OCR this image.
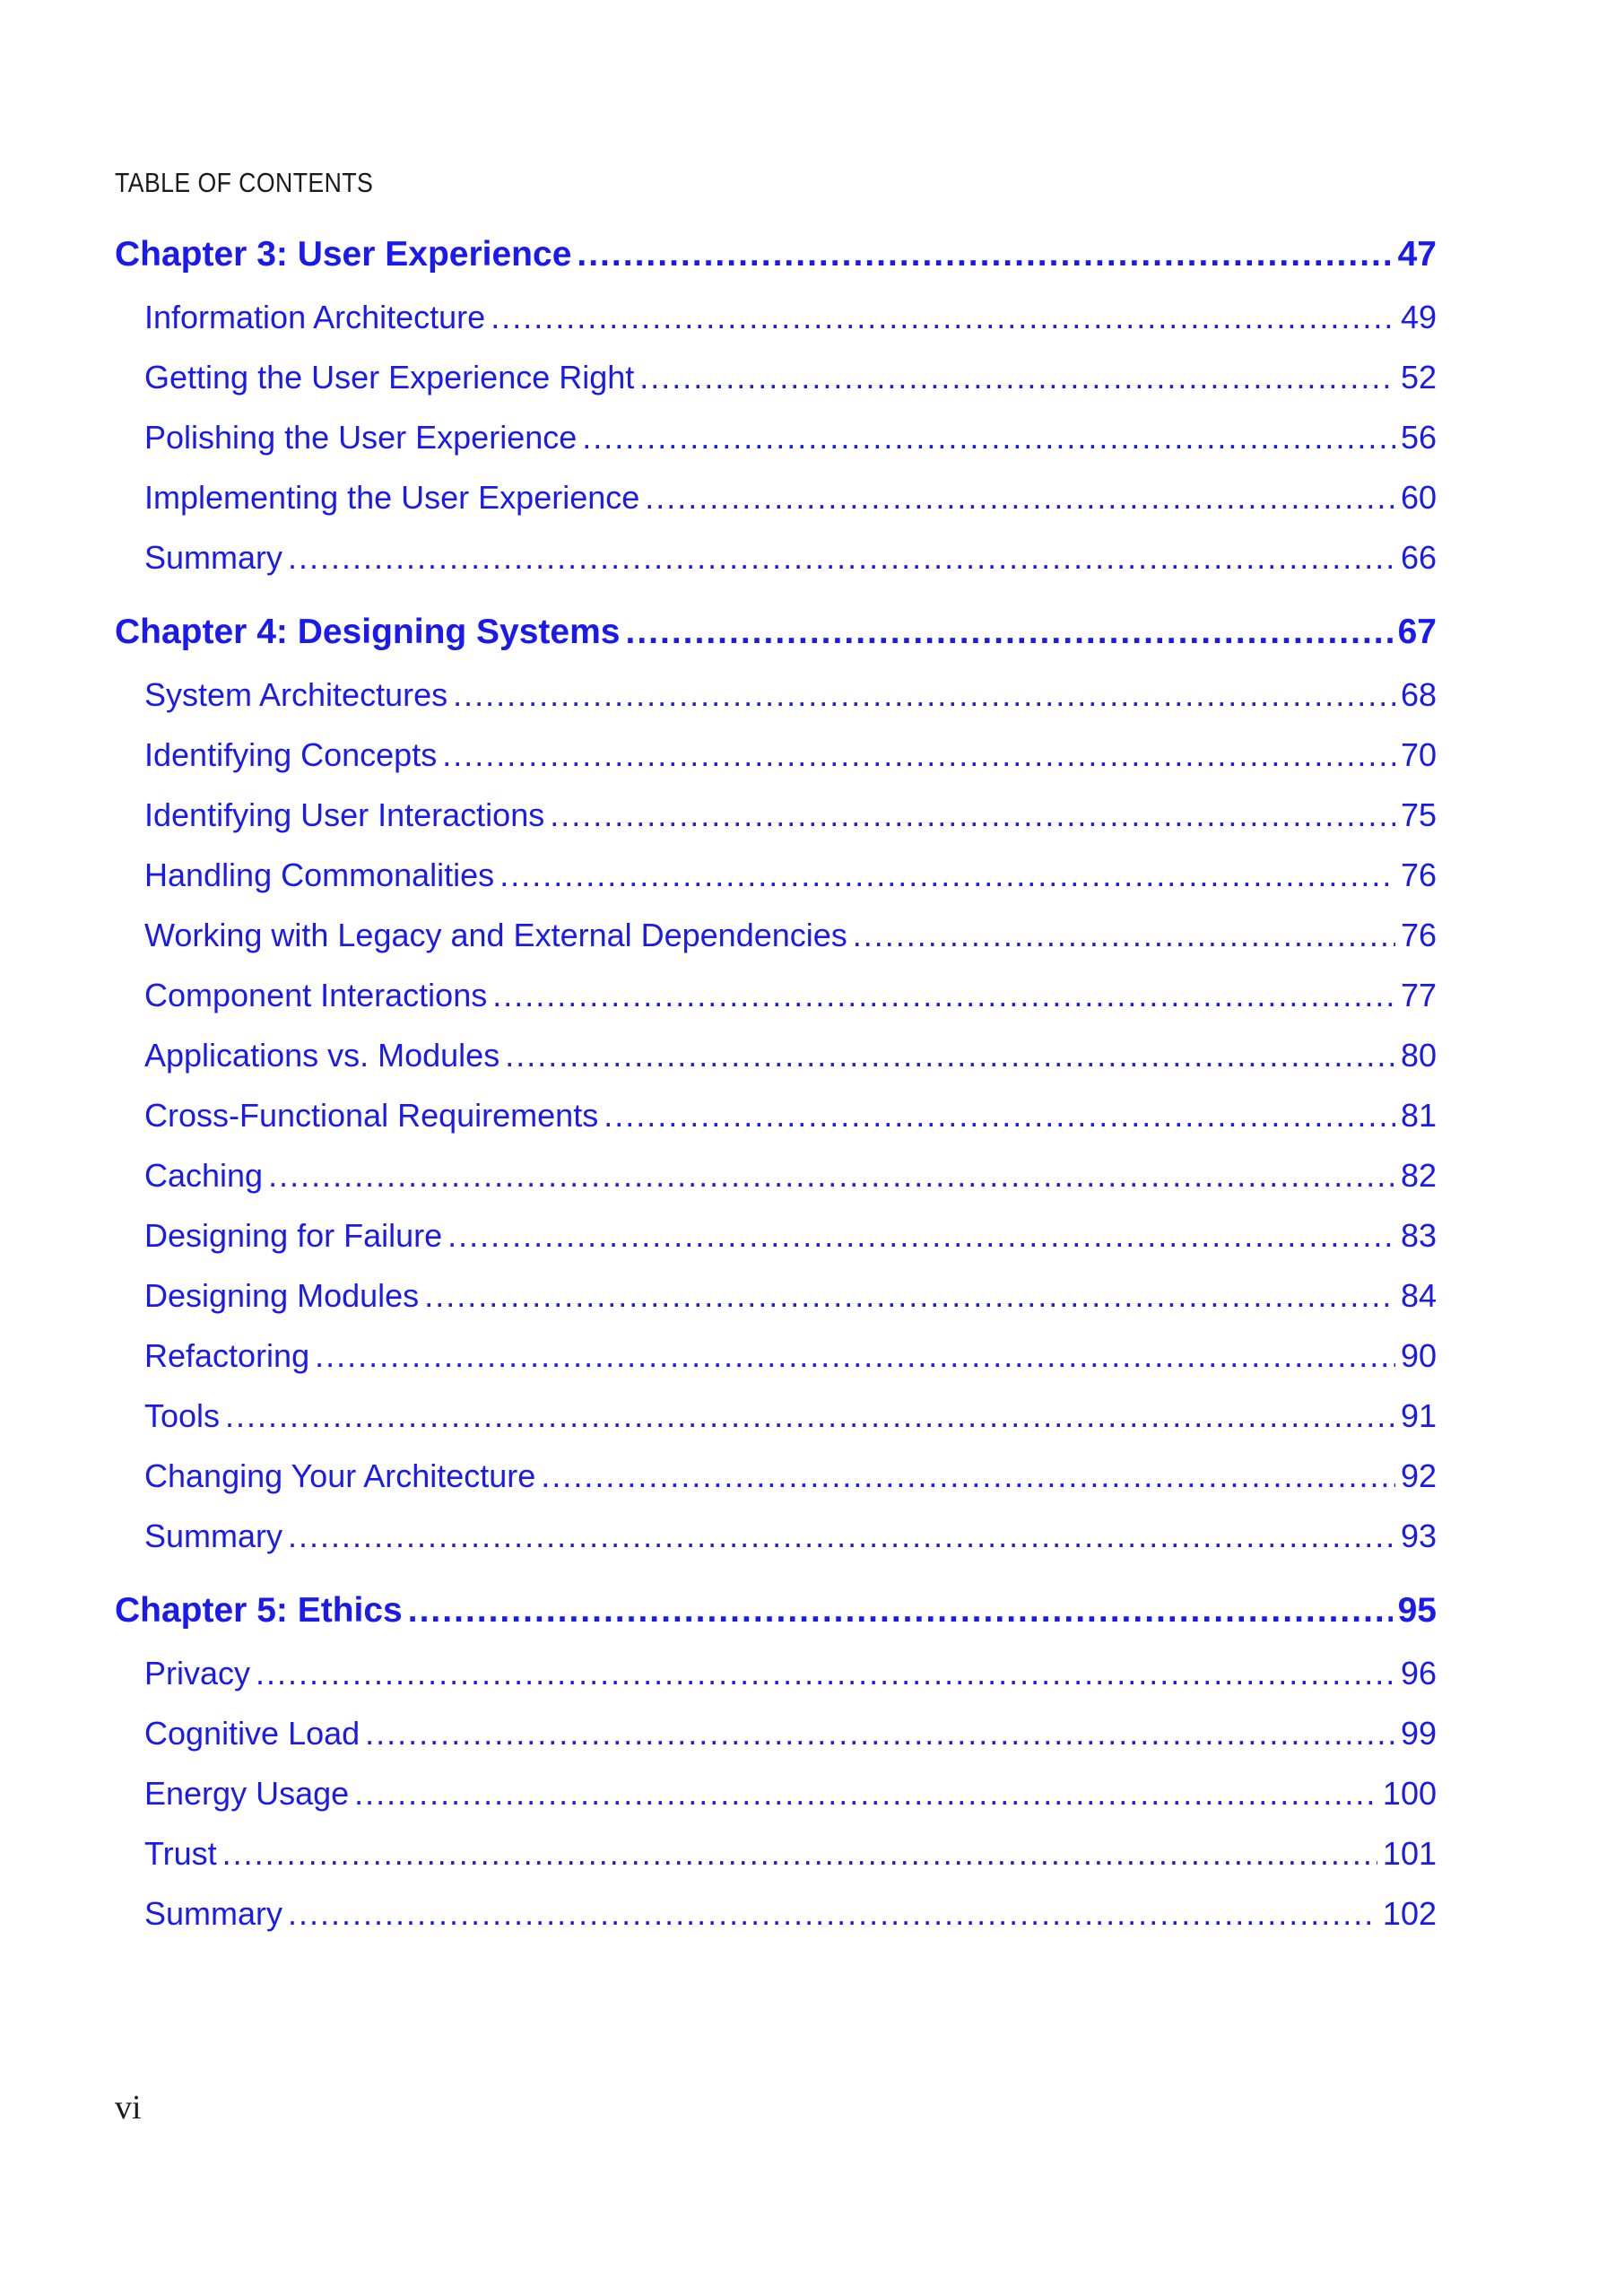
TABLE OF CONTENTS
Chapter 3: User Experience .....	47
Information Architecture .....	49
Getting the User Experience Right .....	52
Polishing the User Experience .....	56
Implementing the User Experience .....	60
Summary .....	66
Chapter 4: Designing Systems .....	67
System Architectures .....	68
Identifying Concepts .....	70
Identifying User Interactions .....	75
Handling Commonalities .....	76
Working with Legacy and External Dependencies .....	76
Component Interactions .....	77
Applications vs. Modules .....	80
Cross-Functional Requirements .....	81
Caching .....	82
Designing for Failure .....	83
Designing Modules .....	84
Refactoring .....	90
Tools .....	91
Changing Your Architecture .....	92
Summary .....	93
Chapter 5: Ethics .....	95
Privacy .....	96
Cognitive Load .....	99
Energy Usage .....	100
Trust .....	101
Summary .....	102
vi
